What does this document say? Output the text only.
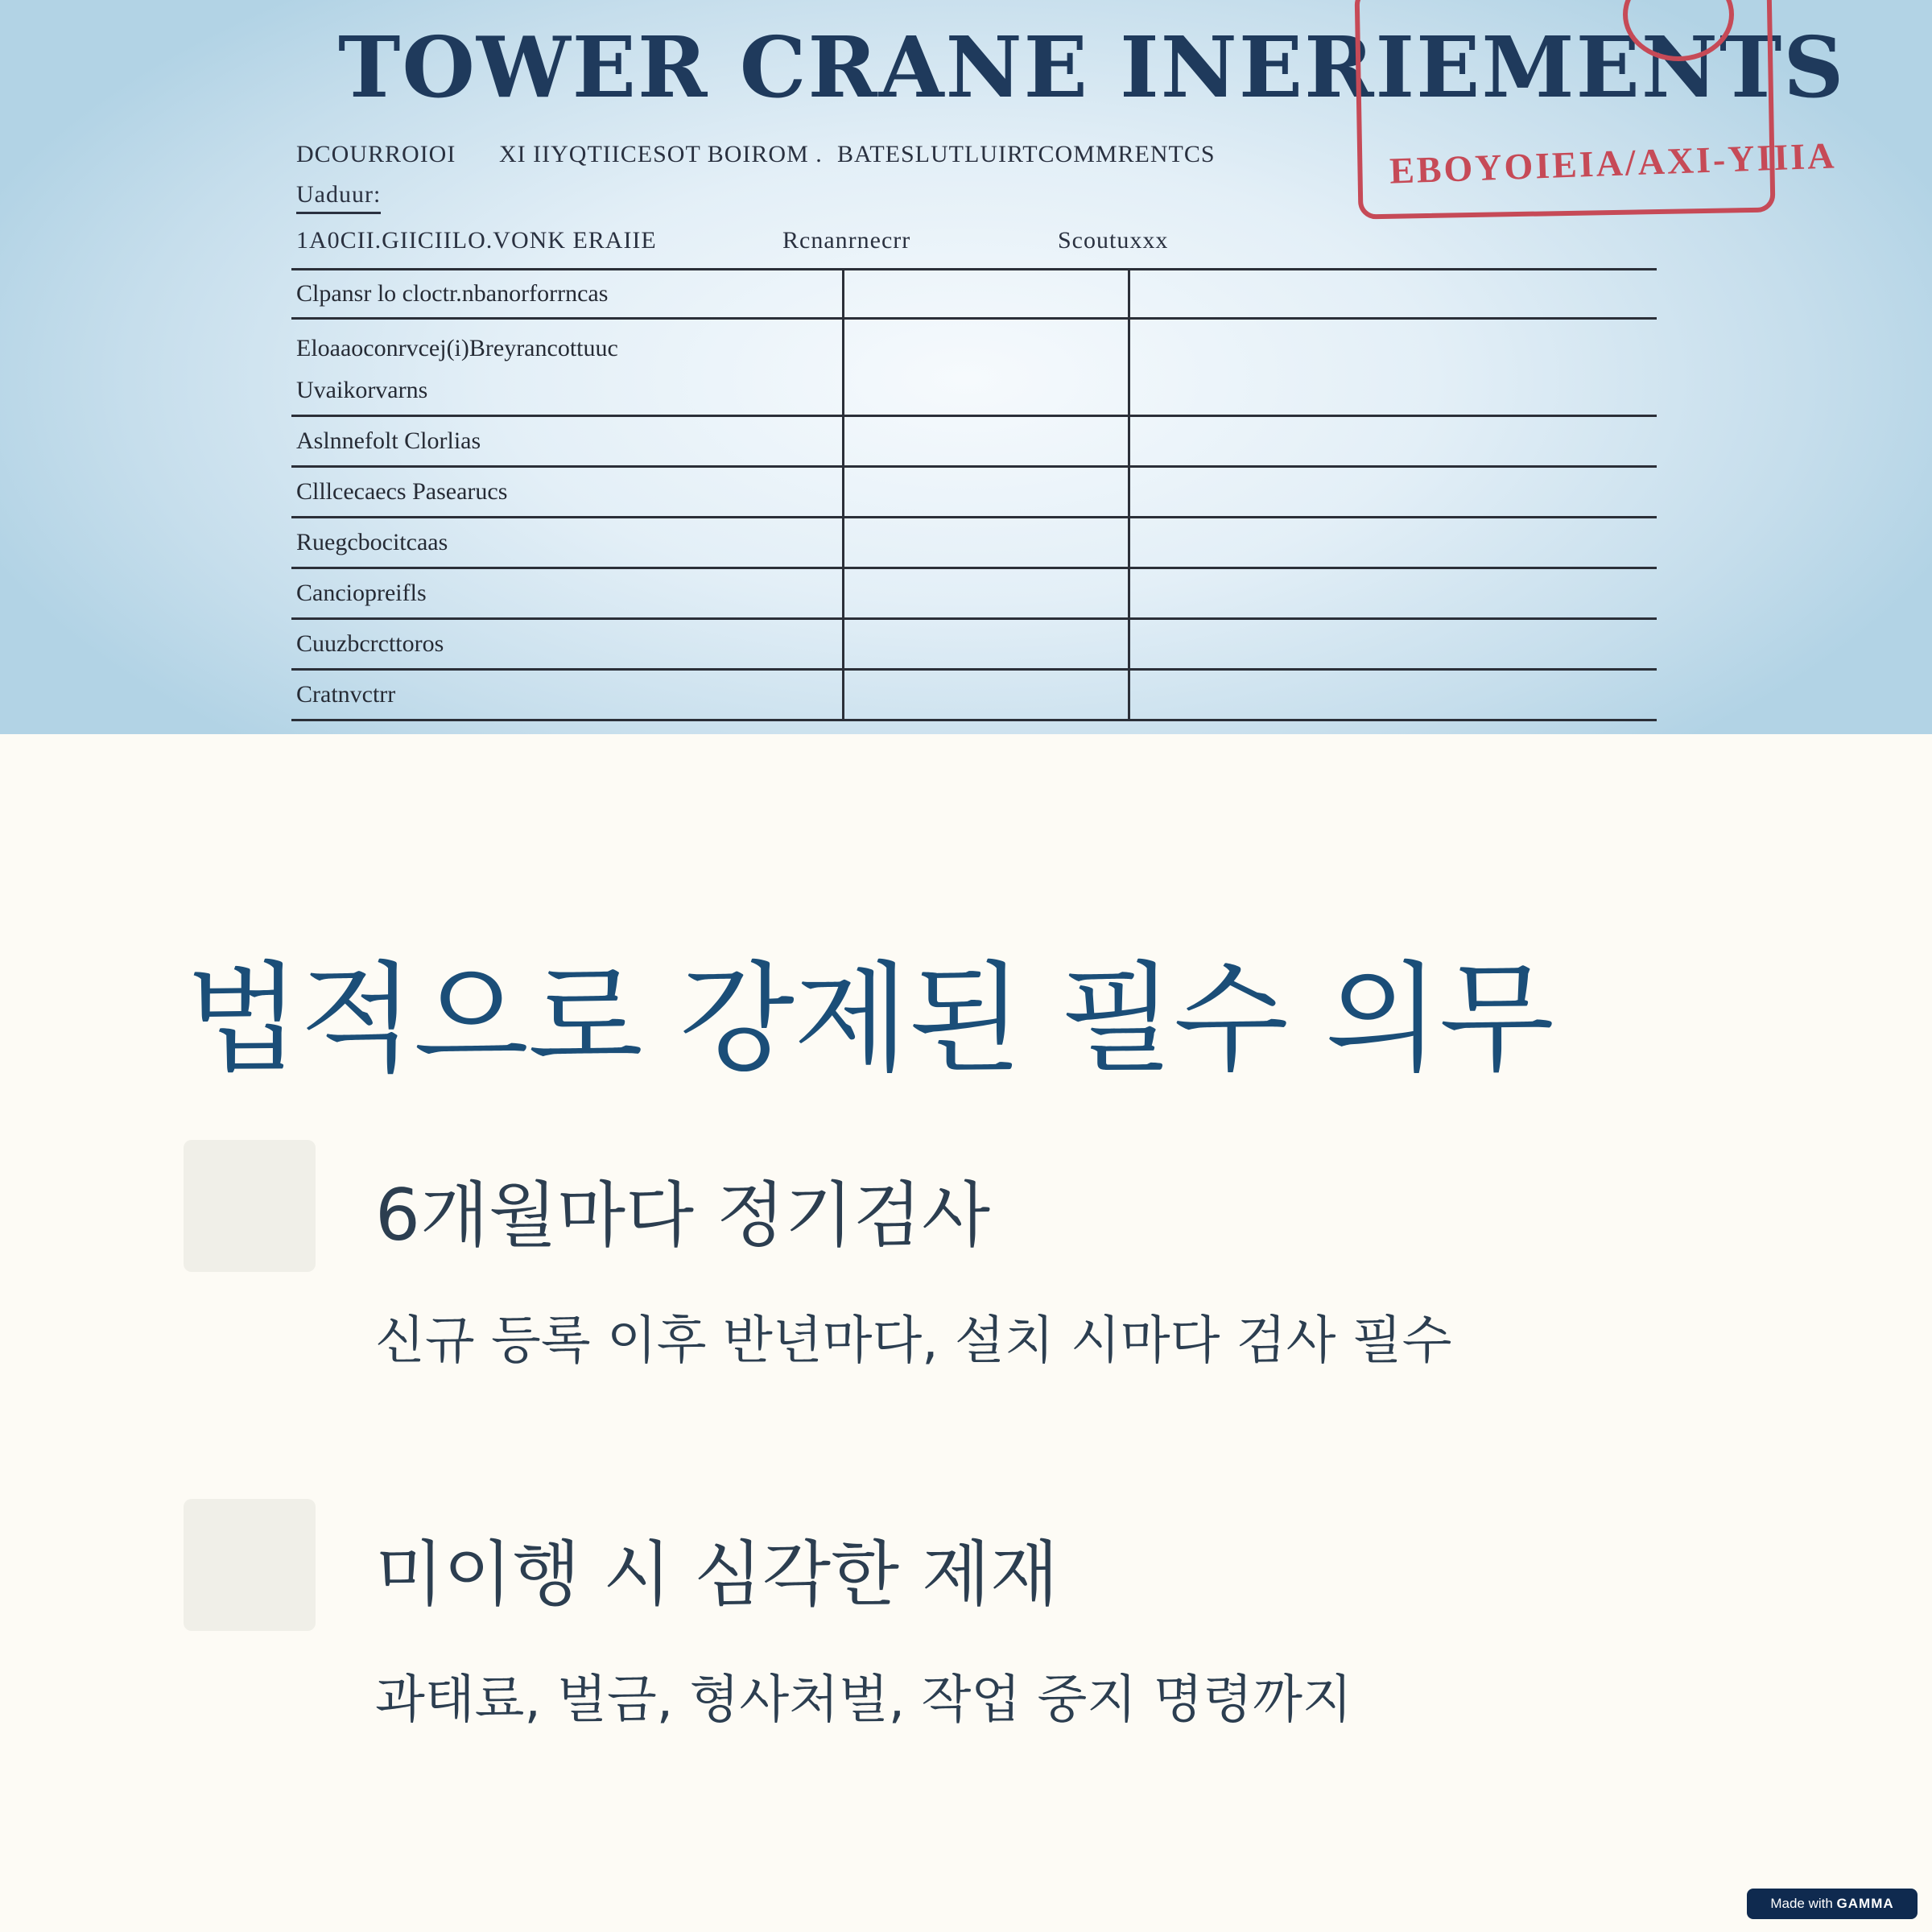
TOWER CRANE INERIEMENTS
DCOURROIOI XI IIYQTIICESOT BOIROM . BATESLUTLUIRTCOMMRENTCS
Uaduur:
1A0CII.GIICIILO.VONK ERAIIE	Rcnanrnecrr	Scoutuxxx
Clpansr lo cloctr.nbanorforrncas
Eloaaoconrvcej(i)Breyrancottuuc
Uvaikorvarns
Aslnnefolt Clorlias
Clllcecaecs Pasearucs
Ruegcbocitcaas
Canciopreifls
Cuuzbcrcttoros
Cratnvctrr
EBOYOIEIA/AXI-YIIIA
법적으로 강제된 필수 의무
6개월마다 정기검사

신규 등록 이후 반년마다, 설치 시마다 검사 필수

미이행 시 심각한 제재

과태료, 벌금, 형사처벌, 작업 중지 명령까지

Made with GAMMA
